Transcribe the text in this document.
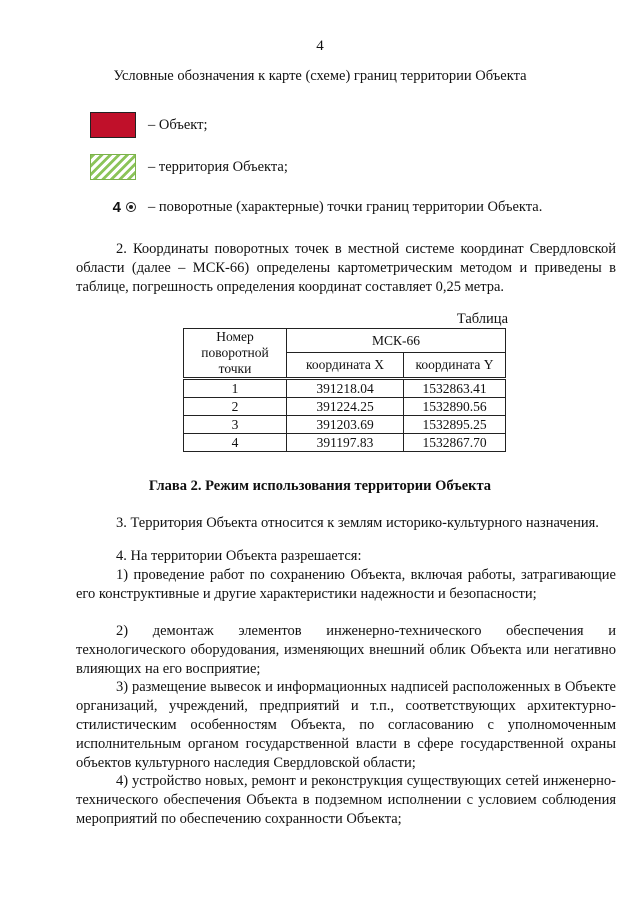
4
Условные обозначения к карте (схеме) границ территории Объекта
– Объект;
– территория Объекта;
4 – поворотные (характерные) точки границ территории Объекта.
2. Координаты поворотных точек в местной системе координат Свердловской области (далее – МСК-66) определены картометрическим методом и приведены в таблице, погрешность определения координат составляет 0,25 метра.
Таблица
Номер поворотной точки	МСК-66	
	координата X	координата Y
1	391218.04	1532863.41
2	391224.25	1532890.56
3	391203.69	1532895.25
4	391197.83	1532867.70
Глава 2. Режим использования территории Объекта
3. Территория Объекта относится к землям историко-культурного назначения.
4. На территории Объекта разрешается:
1) проведение работ по сохранению Объекта, включая работы, затрагивающие его конструктивные и другие характеристики надежности и безопасности;
2) демонтаж элементов инженерно-технического обеспечения и технологического оборудования, изменяющих внешний облик Объекта или негативно влияющих на его восприятие;
3) размещение вывесок и информационных надписей расположенных в Объекте организаций, учреждений, предприятий и т.п., соответствующих архитектурно-стилистическим особенностям Объекта, по согласованию с уполномоченным исполнительным органом государственной власти в сфере государственной охраны объектов культурного наследия Свердловской области;
4) устройство новых, ремонт и реконструкция существующих сетей инженерно-технического обеспечения Объекта в подземном исполнении с условием соблюдения мероприятий по обеспечению сохранности Объекта;
